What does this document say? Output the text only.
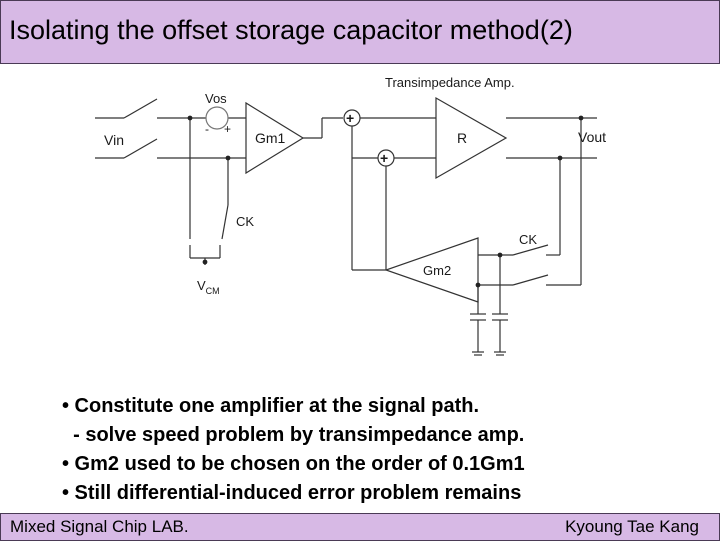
Isolating the offset storage capacitor method(2)
Transimpedance Amp.
Vos
- +
Vin	Gm1
+
+
R	Vout
CK
CK
Gm2
$V_{CM}$
• Constitute one amplifier at the signal path.
- solve speed problem by transimpedance amp.
• Gm2 used to be chosen on the order of 0.1Gm1
• Still differential-induced error problem remains
Mixed Signal Chip LAB.	Kyoung Tae Kang
